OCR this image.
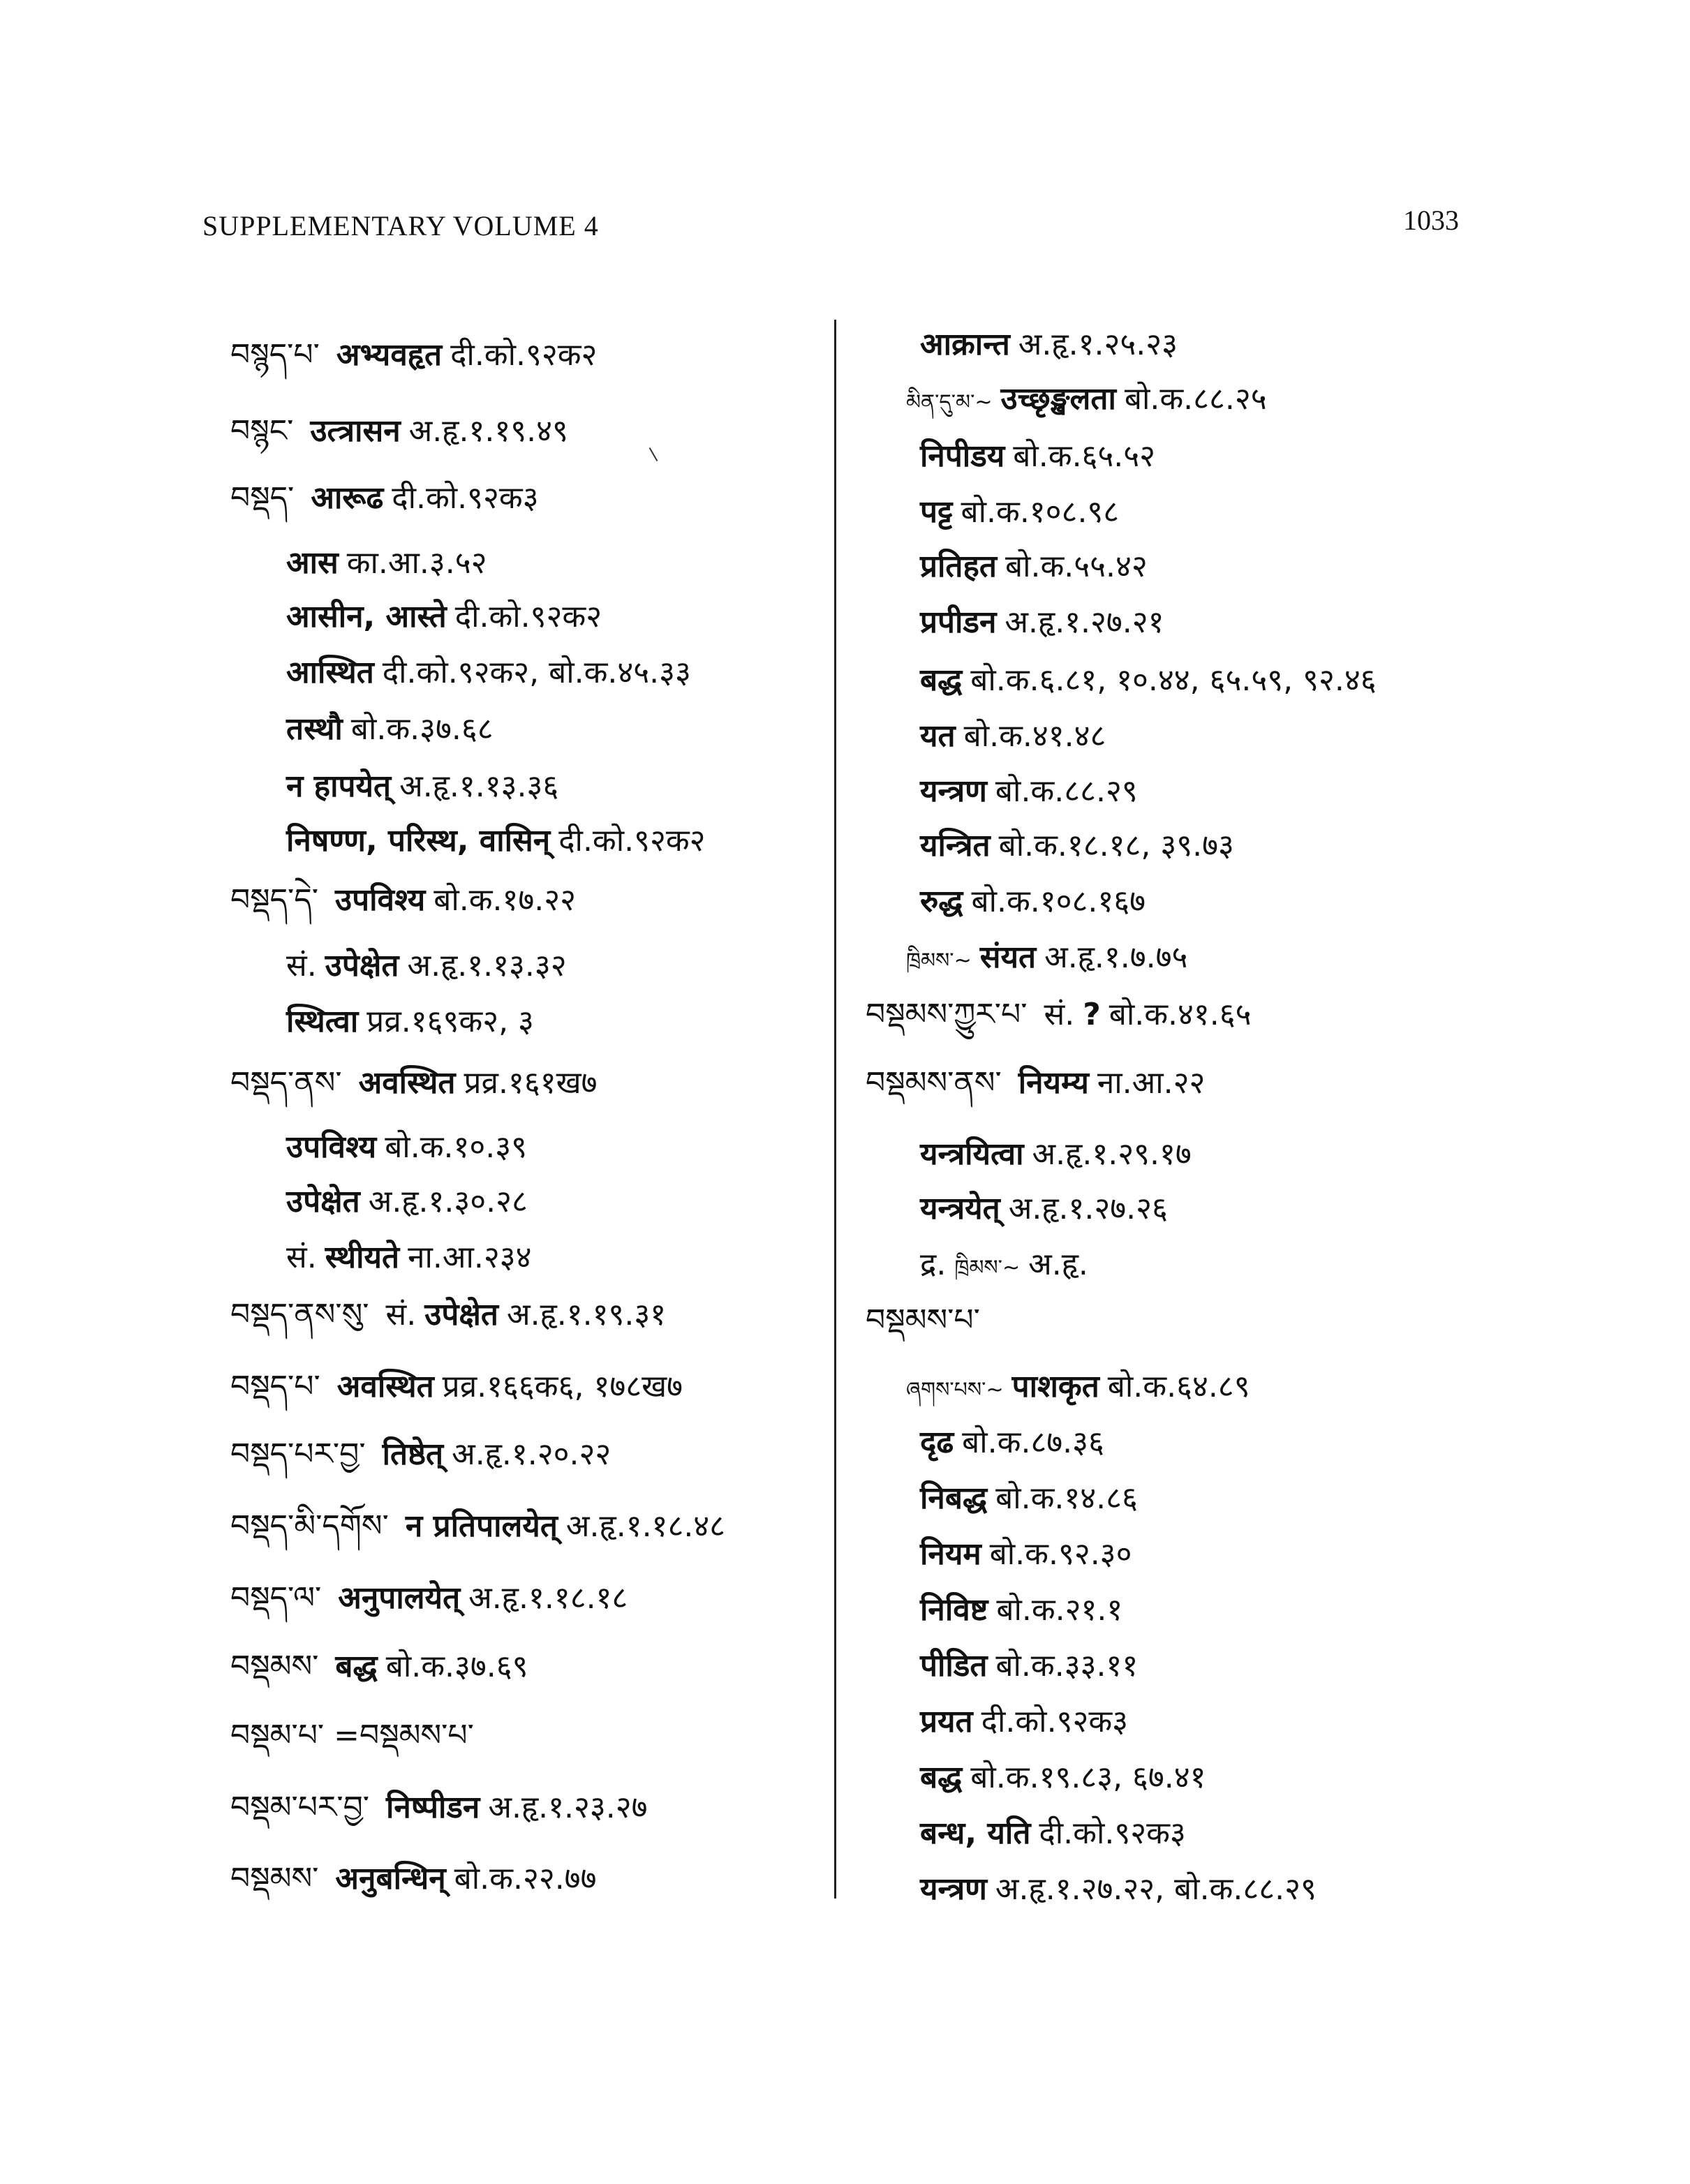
SUPPLEMENTARY VOLUME 4	1033
བསྙད་པ་ अभ्यवहृत दी.को.९२क२
བསྙང་ उत्त्रासन अ.हृ.१.१९.४९
བསྡད་ आरूढ दी.को.९२क३
आस का.आ.३.५२
आसीन, आस्ते दी.को.९२क२
आस्थित दी.को.९२क२, बो.क.४५.३३
तस्थौ बो.क.३७.६८
न हापयेत् अ.हृ.१.१३.३६
निषण्ण, परिस्थ, वासिन् दी.को.९२क२
བསྡད་དེ་ उपविश्य बो.क.१७.२२
सं. उपेक्षेत अ.हृ.१.१३.३२
स्थित्वा प्रव्र.१६९क२, ३
བསྡད་ནས་ अवस्थित प्रव्र.१६१ख७
उपविश्य बो.क.१०.३९
उपेक्षेत अ.हृ.१.३०.२८
सं. स्थीयते ना.आ.२३४
བསྡད་ནས་སུ་ सं. उपेक्षेत अ.हृ.१.१९.३१
བསྡད་པ་ अवस्थित प्रव्र.१६६क६, १७८ख७
བསྡད་པར་བྱ་ तिष्ठेत् अ.हृ.१.२०.२२
བསྡད་མི་དགོས་ न प्रतिपालयेत् अ.हृ.१.१८.४८
བསྡད་ལ་ अनुपालयेत् अ.हृ.१.१८.१८
བསྡམས་ बद्ध बो.क.३७.६९
བསྡམ་པ་ =བསྡམས་པ་
བསྡམ་པར་བྱ་ निष्पीडन अ.हृ.१.२३.२७
བསྡམས་ अनुबन्धिन् बो.क.२२.७७
आक्रान्त अ.हृ.१.२५.२३
མིན་དུ་མ་~ उच्छृङ्खलता बो.क.८८.२५
निपीडय बो.क.६५.५२
पट्ट बो.क.१०८.९८
प्रतिहत बो.क.५५.४२
प्रपीडन अ.हृ.१.२७.२१
बद्ध बो.क.६.८१, १०.४४, ६५.५९, ९२.४६
यत बो.क.४१.४८
यन्त्रण बो.क.८८.२९
यन्त्रित बो.क.१८.१८, ३९.७३
रुद्ध बो.क.१०८.१६७
ཁྲིམས་~ संयत अ.हृ.१.७.७५
བསྡམས་ཀྱུར་པ་ सं. ? बो.क.४१.६५
བསྡམས་ནས་ नियम्य ना.आ.२२
यन्त्रयित्वा अ.हृ.१.२९.१७
यन्त्रयेत् अ.हृ.१.२७.२६
द्र. ཁྲིམས་~ अ.हृ.
བསྡམས་པ་
ཞགས་པས་~ पाशकृत बो.क.६४.८९
दृढ बो.क.८७.३६
निबद्ध बो.क.१४.८६
नियम बो.क.९२.३०
निविष्ट बो.क.२१.१
पीडित बो.क.३३.११
प्रयत दी.को.९२क३
बद्ध बो.क.१९.८३, ६७.४१
बन्ध, यति दी.को.९२क३
यन्त्रण अ.हृ.१.२७.२२, बो.क.८८.२९
